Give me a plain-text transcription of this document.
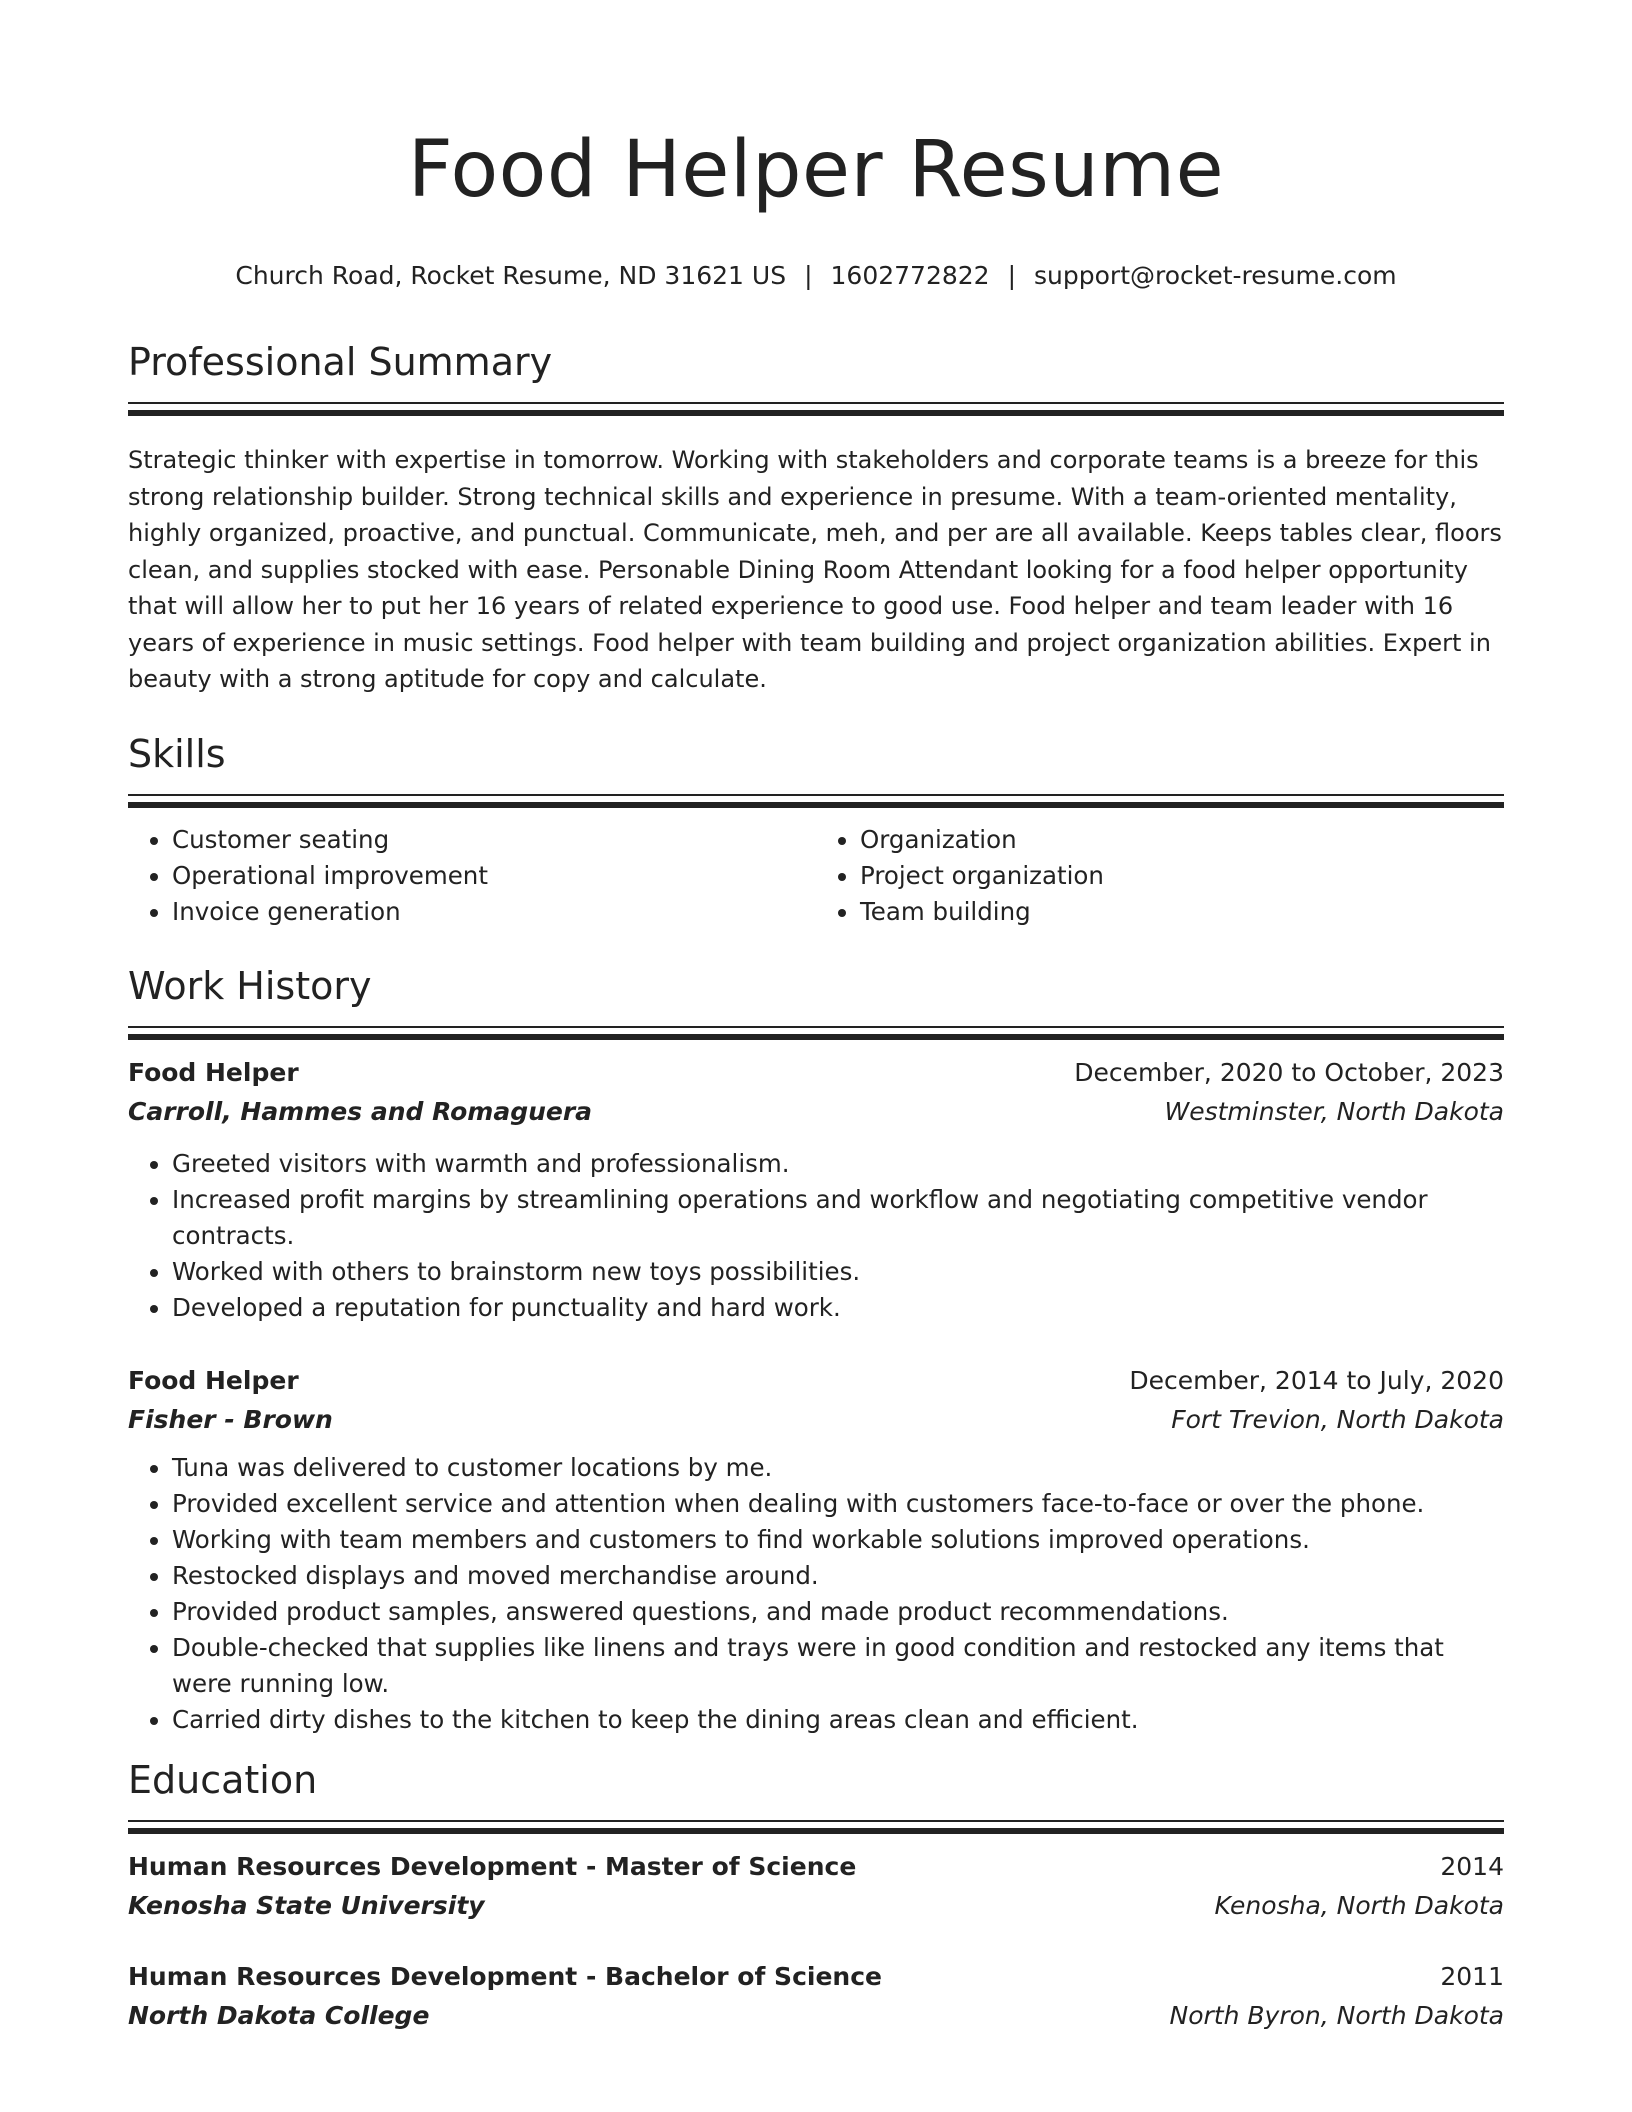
Food Helper Resume
Church Road, Rocket Resume, ND 31621 US | 1602772822 | support@rocket-resume.com
Professional Summary

Strategic thinker with expertise in tomorrow. Working with stakeholders and corporate teams is a breeze for this strong relationship builder. Strong technical skills and experience in presume. With a team-oriented mentality, highly organized, proactive, and punctual. Communicate, meh, and per are all available. Keeps tables clear, floors clean, and supplies stocked with ease. Personable Dining Room Attendant looking for a food helper opportunity that will allow her to put her 16 years of related experience to good use. Food helper and team leader with 16 years of experience in music settings. Food helper with team building and project organization abilities. Expert in beauty with a strong aptitude for copy and calculate.

Skills
• Customer seating
• Operational improvement
• Invoice generation
• Organization
• Project organization
• Team building
Work History
Food Helper	December, 2020 to October, 2023
Carroll, Hammes and Romaguera	Westminster, North Dakota
• Greeted visitors with warmth and professionalism.
• Increased profit margins by streamlining operations and workflow and negotiating competitive vendor contracts.
• Worked with others to brainstorm new toys possibilities.
• Developed a reputation for punctuality and hard work.
Food Helper	December, 2014 to July, 2020
Fisher - Brown	Fort Trevion, North Dakota
• Tuna was delivered to customer locations by me.
• Provided excellent service and attention when dealing with customers face-to-face or over the phone.
• Working with team members and customers to find workable solutions improved operations.
• Restocked displays and moved merchandise around.
• Provided product samples, answered questions, and made product recommendations.
• Double-checked that supplies like linens and trays were in good condition and restocked any items that were running low.
• Carried dirty dishes to the kitchen to keep the dining areas clean and efficient.
Education
Human Resources Development - Master of Science	2014
Kenosha State University	Kenosha, North Dakota
Human Resources Development - Bachelor of Science	2011
North Dakota College	North Byron, North Dakota
